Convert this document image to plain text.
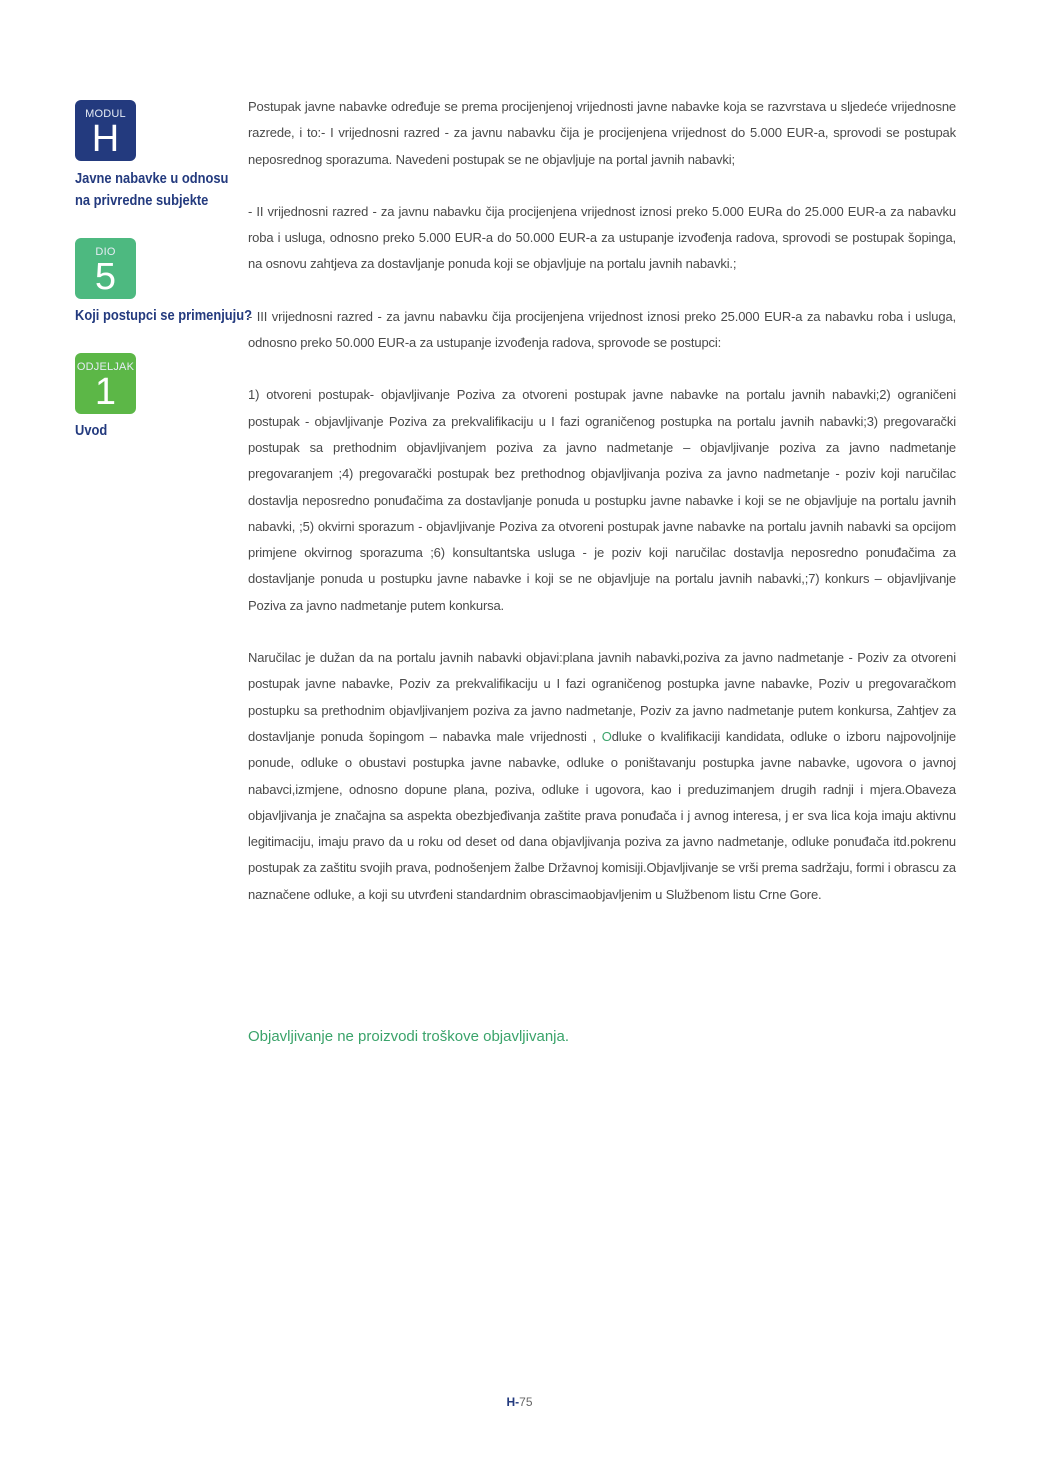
MODUL
H
Javne nabavke u odnosu
na privredne subjekte
DIO
5
Koji postupci se primenjuju?
ODJELJAK
1
Uvod

Postupak javne nabavke određuje se prema procijenjenoj vrijednosti javne nabavke koja se razvrstava u sljedeće vrijednosne razrede, i to:- I vrijednosni razred - za javnu nabavku čija je procijenjena vrijednost do 5.000 EUR-a, sprovodi se postupak neposrednog sporazuma. Navedeni postupak se ne objavljuje na portal javnih nabavki;

- II vrijednosni razred - za javnu nabavku čija procijenjena vrijednost iznosi preko 5.000 EURa do 25.000 EUR-a za nabavku roba i usluga, odnosno preko 5.000 EUR-a do 50.000 EUR-a za ustupanje izvođenja radova, sprovodi se postupak šopinga, na osnovu zahtjeva za dostavljanje ponuda koji se objavljuje na portalu javnih nabavki.;

- III vrijednosni razred - za javnu nabavku čija procijenjena vrijednost iznosi preko 25.000 EUR-a za nabavku roba i usluga, odnosno preko 50.000 EUR-a za ustupanje izvođenja radova, sprovode se postupci:

1) otvoreni postupak- objavljivanje Poziva za otvoreni postupak javne nabavke na portalu javnih nabavki;2) ograničeni postupak - objavljivanje Poziva za prekvalifikaciju u I fazi ograničenog postupka na portalu javnih nabavki;3) pregovarački postupak sa prethodnim objavljivanjem poziva za javno nadmetanje – objavljivanje poziva za javno nadmetanje pregovaranjem ;4) pregovarački postupak bez prethodnog objavljivanja poziva za javno nadmetanje - poziv koji naručilac dostavlja neposredno ponuđačima za dostavljanje ponuda u postupku javne nabavke i koji se ne objavljuje na portalu javnih nabavki, ;5) okvirni sporazum - objavljivanje Poziva za otvoreni postupak javne nabavke na portalu javnih nabavki sa opcijom primjene okvirnog sporazuma ;6) konsultantska usluga - je poziv koji naručilac dostavlja neposredno ponuđačima za dostavljanje ponuda u postupku javne nabavke i koji se ne objavljuje na portalu javnih nabavki,;7) konkurs – objavljivanje Poziva za javno nadmetanje putem konkursa.

Naručilac je dužan da na portalu javnih nabavki objavi:plana javnih nabavki,poziva za javno nadmetanje - Poziv za otvoreni postupak javne nabavke, Poziv za prekvalifikaciju u I fazi ograničenog postupka javne nabavke, Poziv u pregovaračkom postupku sa prethodnim objavljivanjem poziva za javno nadmetanje, Poziv za javno nadmetanje putem konkursa, Zahtjev za dostavljanje ponuda šopingom – nabavka male vrijednosti , Odluke o kvalifikaciji kandidata, odluke o izboru najpovoljnije ponude, odluke o obustavi postupka javne nabavke, odluke o poništavanju postupka javne nabavke, ugovora o javnoj nabavci,izmjene, odnosno dopune plana, poziva, odluke i ugovora, kao i preduzimanjem drugih radnji i mjera.Obaveza objavljivanja je značajna sa aspekta obezbjeđivanja zaštite prava ponuđača i j avnog interesa, j er sva lica koja imaju aktivnu legitimaciju, imaju pravo da u roku od deset od dana objavljivanja poziva za javno nadmetanje, odluke ponuđača itd.pokrenu postupak za zaštitu svojih prava, podnošenjem žalbe Državnoj komisiji.Objavljivanje se vrši prema sadržaju, formi i obrascu za naznačene odluke, a koji su utvrđeni standardnim obrascimaobjavljenim u Službenom listu Crne Gore.

Objavljivanje ne proizvodi troškove objavljivanja.
H-75
